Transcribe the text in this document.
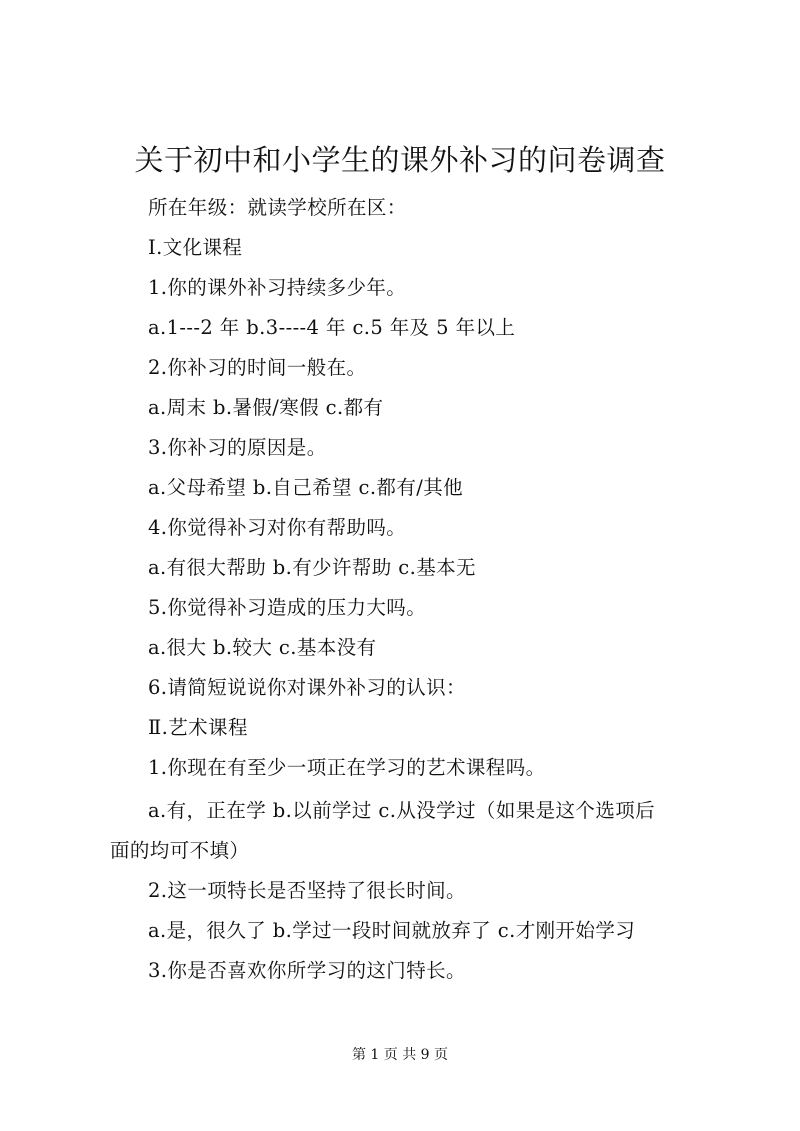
关于初中和小学生的课外补习的问卷调查
所在年级：就读学校所在区：
Ⅰ.文化课程
1.你的课外补习持续多少年。
a.1---2 年 b.3----4 年 c.5 年及 5 年以上
2.你补习的时间一般在。
a.周末 b.暑假/寒假 c.都有
3.你补习的原因是。
a.父母希望 b.自己希望 c.都有/其他
4.你觉得补习对你有帮助吗。
a.有很大帮助 b.有少许帮助 c.基本无
5.你觉得补习造成的压力大吗。
a.很大 b.较大 c.基本没有
6.请简短说说你对课外补习的认识：
Ⅱ.艺术课程
1.你现在有至少一项正在学习的艺术课程吗。
a.有，正在学 b.以前学过 c.从没学过（如果是这个选项后
面的均可不填）
2.这一项特长是否坚持了很长时间。
a.是，很久了 b.学过一段时间就放弃了 c.才刚开始学习
3.你是否喜欢你所学习的这门特长。
第 1 页 共 9 页
